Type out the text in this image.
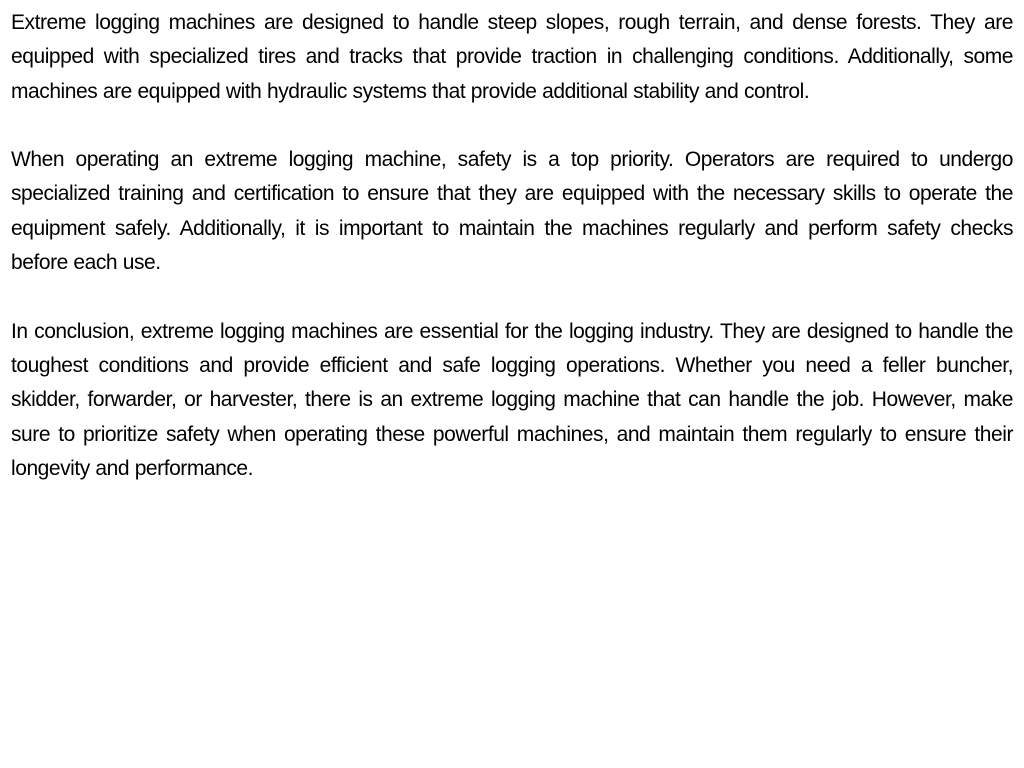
Extreme logging machines are designed to handle steep slopes, rough terrain, and dense forests. They are equipped with specialized tires and tracks that provide traction in challenging conditions. Additionally, some machines are equipped with hydraulic systems that provide additional stability and control.

When operating an extreme logging machine, safety is a top priority. Operators are required to undergo specialized training and certification to ensure that they are equipped with the necessary skills to operate the equipment safely. Additionally, it is important to maintain the machines regularly and perform safety checks before each use.

In conclusion, extreme logging machines are essential for the logging industry. They are designed to handle the toughest conditions and provide efficient and safe logging operations. Whether you need a feller buncher, skidder, forwarder, or harvester, there is an extreme logging machine that can handle the job. However, make sure to prioritize safety when operating these powerful machines, and maintain them regularly to ensure their longevity and performance.
